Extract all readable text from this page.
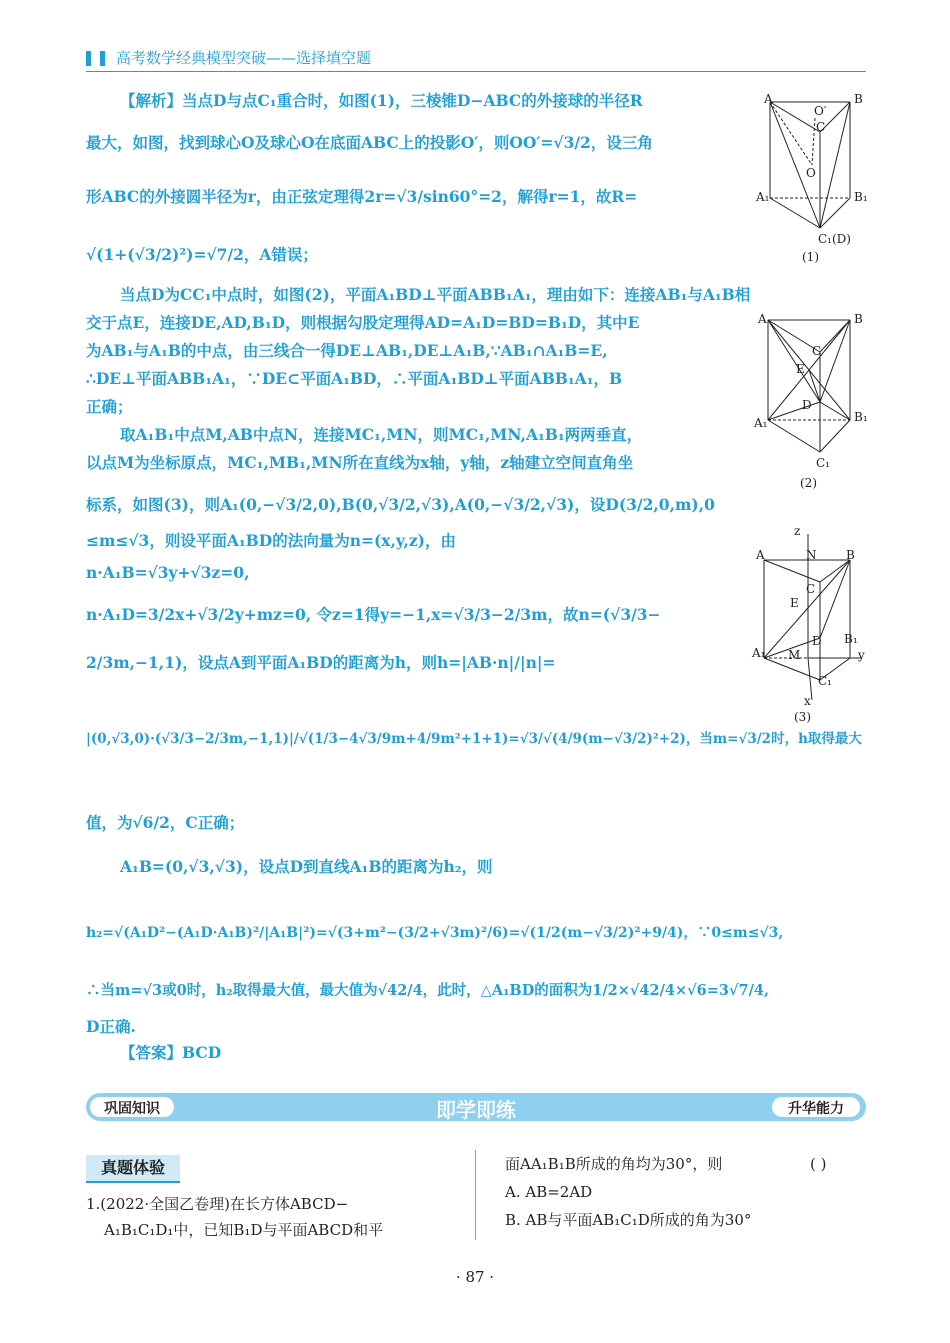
高考数学经典模型突破——选择填空题
【解析】当点D与点C₁重合时，如图(1)，三棱锥D−ABC的外接球的半径R
最大，如图，找到球心O及球心O在底面ABC上的投影O′，则OO′=√3/2，设三角
形ABC的外接圆半径为r，由正弦定理得2r=√3/sin60°=2，解得r=1，故R=
√(1+(√3/2)²)=√7/2，A错误；
当点D为CC₁中点时，如图(2)，平面A₁BD⊥平面ABB₁A₁，理由如下：连接AB₁与A₁B相
交于点E，连接DE,AD,B₁D，则根据勾股定理得AD=A₁D=BD=B₁D，其中E
为AB₁与A₁B的中点，由三线合一得DE⊥AB₁,DE⊥A₁B,∵AB₁∩A₁B=E,
∴DE⊥平面ABB₁A₁，∵DE⊂平面A₁BD，∴平面A₁BD⊥平面ABB₁A₁，B
正确；
取A₁B₁中点M,AB中点N，连接MC₁,MN，则MC₁,MN,A₁B₁两两垂直，
以点M为坐标原点，MC₁,MB₁,MN所在直线为x轴，y轴，z轴建立空间直角坐
标系，如图(3)，则A₁(0,−√3/2,0),B(0,√3/2,√3),A(0,−√3/2,√3)，设D(3/2,0,m),0
≤m≤√3，则设平面A₁BD的法向量为n=(x,y,z)，由
n·A₁B=√3y+√3z=0,
n·A₁D=3/2x+√3/2y+mz=0, 令z=1得y=−1,x=√3/3−2/3m，故n=(√3/3−
2/3m,−1,1)，设点A到平面A₁BD的距离为h，则h=|AB·n|/|n|=
|(0,√3,0)·(√3/3−2/3m,−1,1)|/√(1/3−4√3/9m+4/9m²+1+1)=√3/√(4/9(m−√3/2)²+2)，当m=√3/2时，h取得最大
值，为√6/2，C正确；
A₁B=(0,√3,√3)，设点D到直线A₁B的距离为h₂，则
h₂=√(A₁D²−(A₁D·A₁B)²/|A₁B|²)=√(3+m²−(3/2+√3m)²/6)=√(1/2(m−√3/2)²+9/4)，∵0≤m≤√3,
∴当m=√3或0时，h₂取得最大值，最大值为√42/4，此时，△A₁BD的面积为1/2×√42/4×√6=3√7/4,
D正确.
【答案】BCD
A	B
O′
C
O
A₁	B₁
C₁(D)
(1)
A	B
C
E
D
A₁	B₁
C₁
(2)
z
A	N B
C
E
D B₁
A₁ M	y
C₁
x
(3)
巩固知识	即学即练	升华能力
真题体验
1.(2022·全国乙卷理)在长方体ABCD−
A₁B₁C₁D₁中，已知B₁D与平面ABCD和平
面AA₁B₁B所成的角均为30°，则	( )
A. AB=2AD
B. AB与平面AB₁C₁D所成的角为30°
· 87 ·
